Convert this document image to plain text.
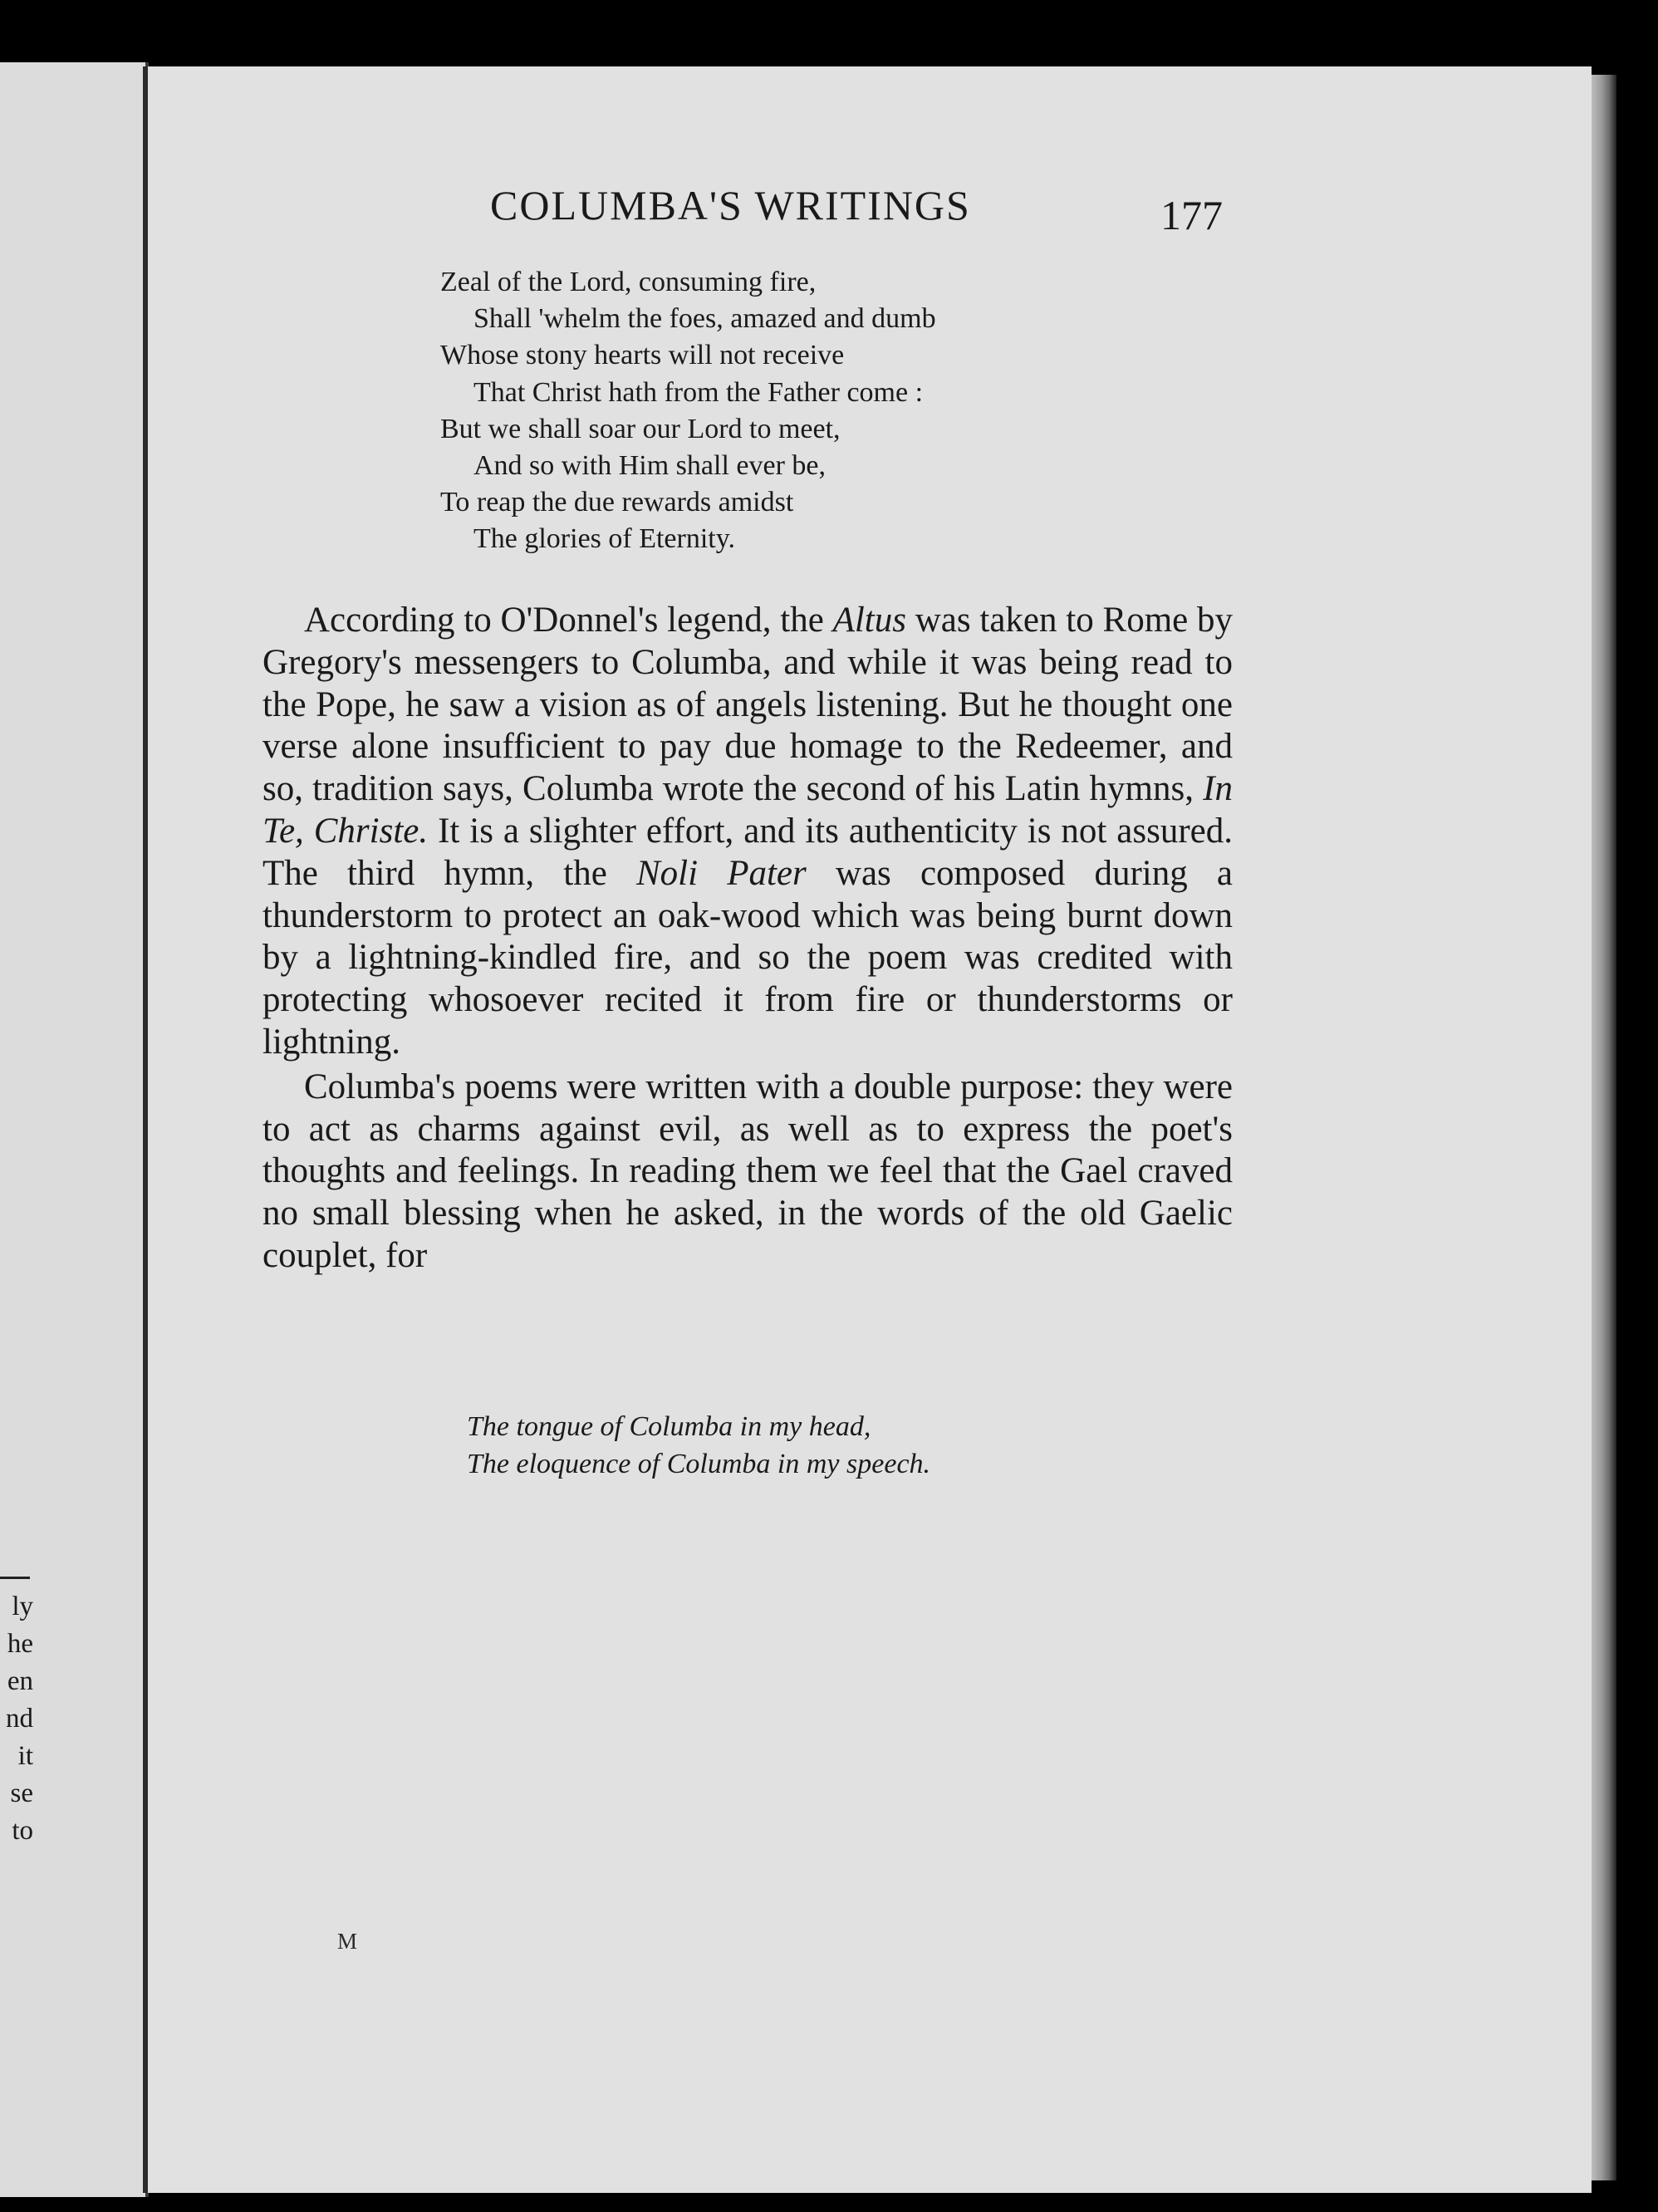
ly
he
en
nd
it
se
to
COLUMBA'S WRITINGS	177
Zeal of the Lord, consuming fire,
Shall 'whelm the foes, amazed and dumb
Whose stony hearts will not receive
That Christ hath from the Father come :
But we shall soar our Lord to meet,
And so with Him shall ever be,
To reap the due rewards amidst
The glories of Eternity.

According to O'Donnel's legend, the Altus was taken to Rome by Gregory's messengers to Columba, and while it was being read to the Pope, he saw a vision as of angels listening. But he thought one verse alone insufficient to pay due homage to the Redeemer, and so, tradition says, Columba wrote the second of his Latin hymns, In Te, Christe. It is a slighter effort, and its authenticity is not assured. The third hymn, the Noli Pater was composed during a thunderstorm to protect an oak-wood which was being burnt down by a lightning-kindled fire, and so the poem was credited with protecting whosoever recited it from fire or thunderstorms or lightning.

Columba's poems were written with a double purpose: they were to act as charms against evil, as well as to express the poet's thoughts and feelings. In reading them we feel that the Gael craved no small blessing when he asked, in the words of the old Gaelic couplet, for

The tongue of Columba in my head,
The eloquence of Columba in my speech.
M
